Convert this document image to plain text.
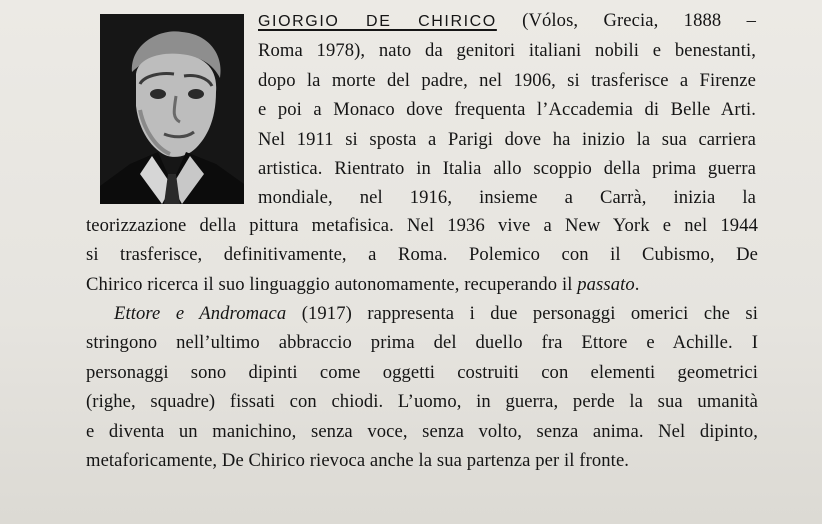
GIORGIO DE CHIRICO (Vólos, Grecia, 1888 –
Roma 1978), nato da genitori italiani nobili e benestanti,
dopo la morte del padre, nel 1906, si trasferisce a Firenze
e poi a Monaco dove frequenta l’Accademia di Belle Arti.
Nel 1911 si sposta a Parigi dove ha inizio la sua carriera
artistica. Rientrato in Italia allo scoppio della prima guerra
mondiale, nel 1916, insieme a Carrà, inizia la
teorizzazione della pittura metafisica. Nel 1936 vive a New York e nel 1944
si trasferisce, definitivamente, a Roma. Polemico con il Cubismo, De
Chirico ricerca il suo linguaggio autonomamente, recuperando il passato.
Ettore e Andromaca (1917) rappresenta i due personaggi omerici che si
stringono nell’ultimo abbraccio prima del duello fra Ettore e Achille. I
personaggi sono dipinti come oggetti costruiti con elementi geometrici
(righe, squadre) fissati con chiodi. L’uomo, in guerra, perde la sua umanità
e diventa un manichino, senza voce, senza volto, senza anima. Nel dipinto,
metaforicamente, De Chirico rievoca anche la sua partenza per il fronte.
